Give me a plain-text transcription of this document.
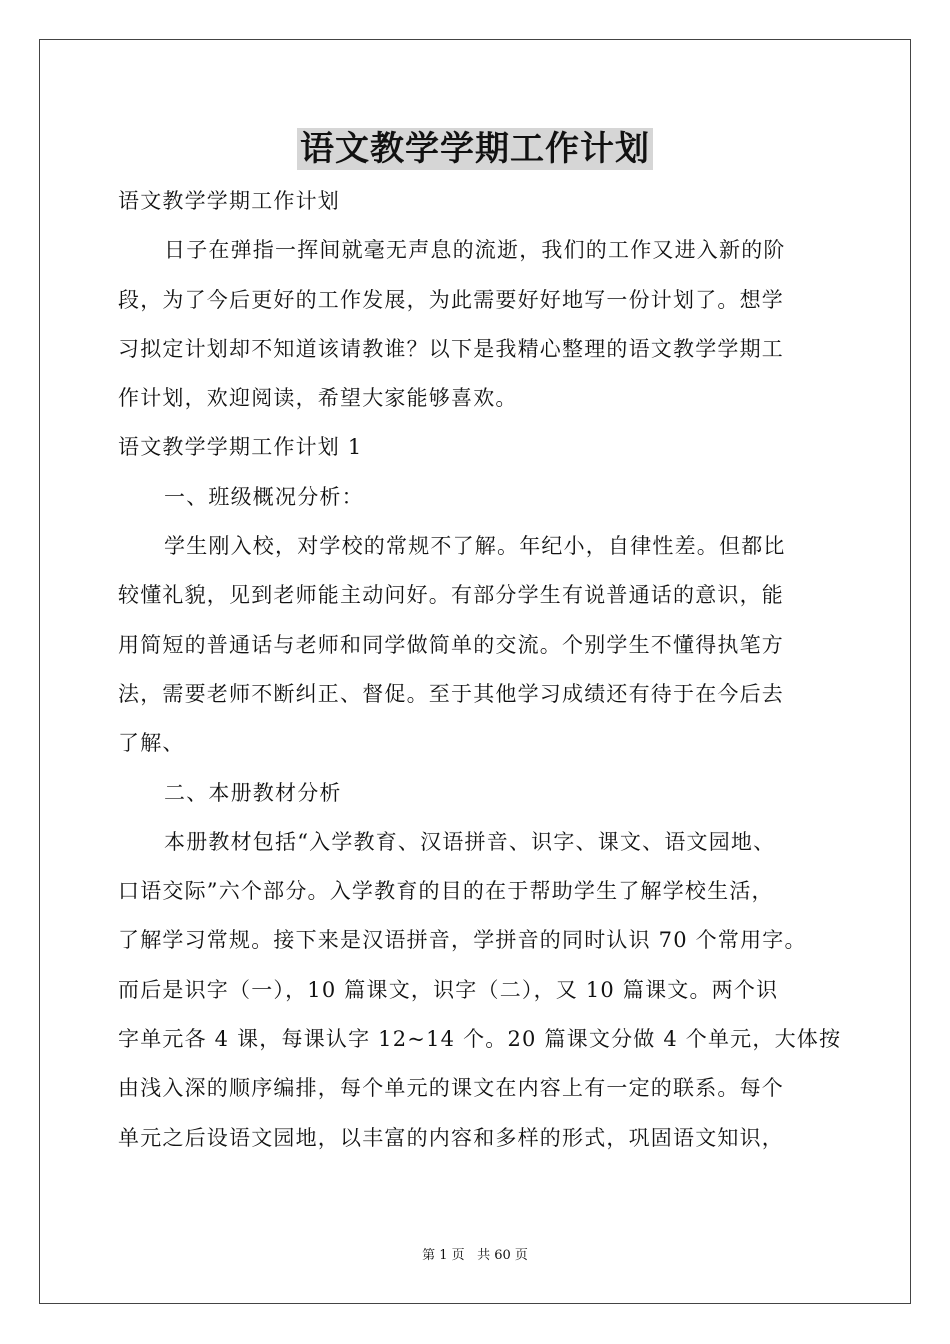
语文教学学期工作计划
语文教学学期工作计划
日子在弹指一挥间就毫无声息的流逝，我们的工作又进入新的阶
段，为了今后更好的工作发展，为此需要好好地写一份计划了。想学
习拟定计划却不知道该请教谁？以下是我精心整理的语文教学学期工
作计划，欢迎阅读，希望大家能够喜欢。
语文教学学期工作计划 1
一、班级概况分析：
学生刚入校，对学校的常规不了解。年纪小，自律性差。但都比
较懂礼貌，见到老师能主动问好。有部分学生有说普通话的意识，能
用简短的普通话与老师和同学做简单的交流。个别学生不懂得执笔方
法，需要老师不断纠正、督促。至于其他学习成绩还有待于在今后去
了解、
二、本册教材分析
本册教材包括“入学教育、汉语拼音、识字、课文、语文园地、
口语交际”六个部分。入学教育的目的在于帮助学生了解学校生活，
了解学习常规。接下来是汉语拼音，学拼音的同时认识 70 个常用字。
而后是识字（一），10 篇课文，识字（二），又 10 篇课文。两个识
字单元各 4 课，每课认字 12~14 个。20 篇课文分做 4 个单元，大体按
由浅入深的顺序编排，每个单元的课文在内容上有一定的联系。每个
单元之后设语文园地，以丰富的内容和多样的形式，巩固语文知识，
第 1 页 共 60 页
